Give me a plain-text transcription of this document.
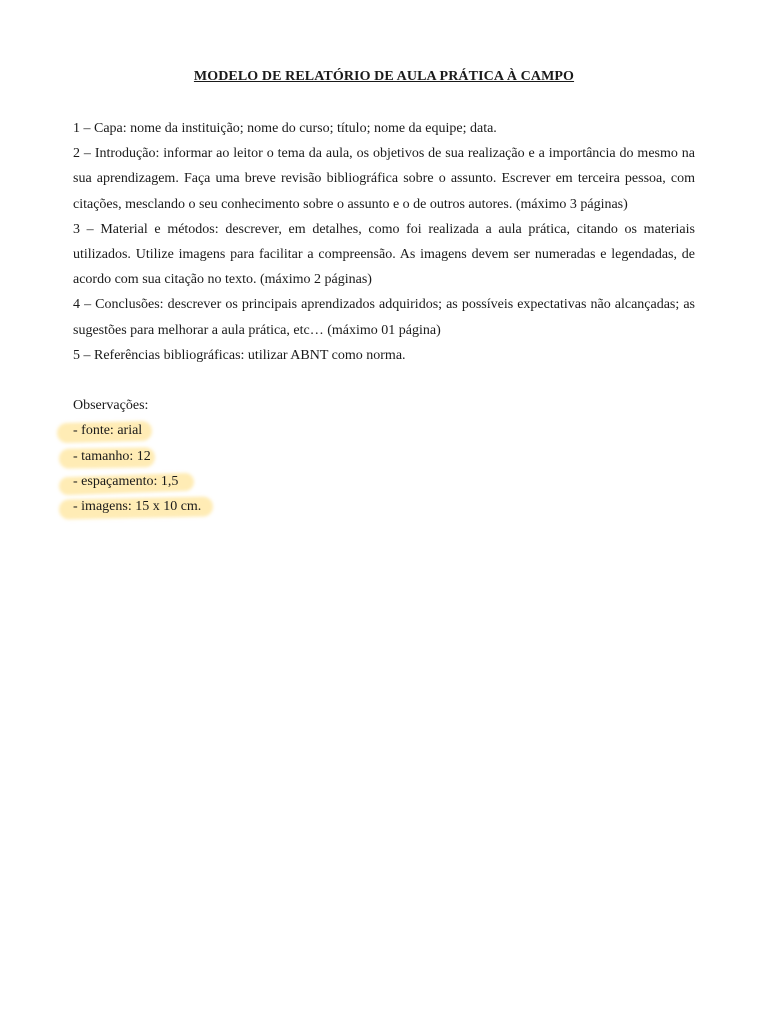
MODELO DE RELATÓRIO DE AULA PRÁTICA À CAMPO

1 – Capa: nome da instituição; nome do curso; título; nome da equipe; data.

2 – Introdução: informar ao leitor o tema da aula, os objetivos de sua realização e a importância do mesmo na sua aprendizagem. Faça uma breve revisão bibliográfica sobre o assunto. Escrever em terceira pessoa, com citações, mesclando o seu conhecimento sobre o assunto e o de outros autores. (máximo 3 páginas)

3 – Material e métodos: descrever, em detalhes, como foi realizada a aula prática, citando os materiais utilizados. Utilize imagens para facilitar a compreensão. As imagens devem ser numeradas e legendadas, de acordo com sua citação no texto. (máximo 2 páginas)

4 – Conclusões: descrever os principais aprendizados adquiridos; as possíveis expectativas não alcançadas; as sugestões para melhorar a aula prática, etc… (máximo 01 página)

5 – Referências bibliográficas: utilizar ABNT como norma.

Observações:

- fonte: arial

- tamanho: 12

- espaçamento: 1,5

- imagens: 15 x 10 cm.
